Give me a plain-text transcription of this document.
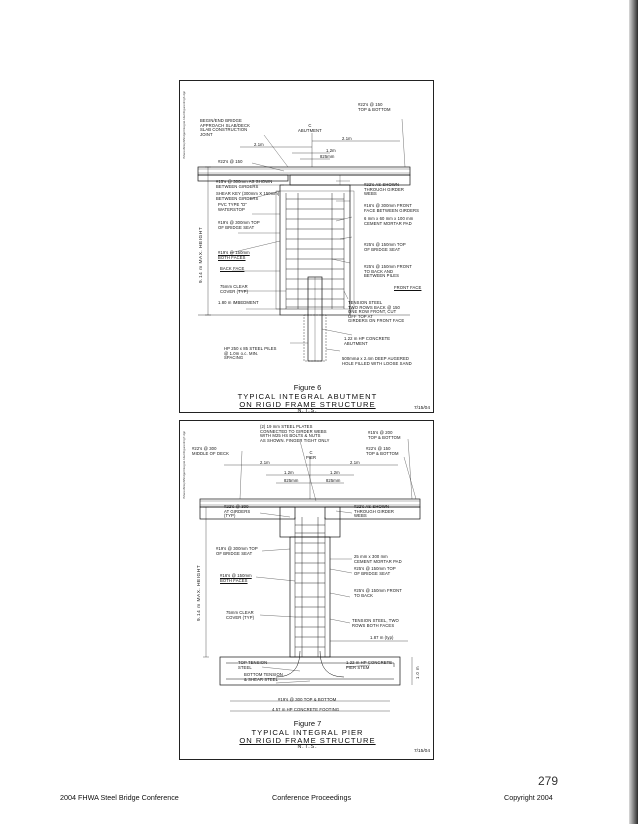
\Shared\Dept\Bridge\Integral Abut\Figures\Fig6.dgn	#22's @ 150
TOP & BOTTOM
BEGIN/END BRIDGE
APPROACH SLAB/DECK
SLAB CONSTRUCTION
JOINT
C
ABUTMENT
2.1m
2.1m
1.2m
825mm
#22's @ 150
#15's @ 300mm AS SHOWN
BETWEEN GIRDERS
SHEAR KEY (300mm X 150mm)
BETWEEN GIRDERS
PVC TYPE "D"
WATERSTOP
#19's @ 300mm TOP
OF BRIDGE SEAT
#19's @ 150mm
BOTH FACES
BACK FACE
75mm CLEAR
COVER (TYP)
1.80 m IMBEDMENT
9.14 m MAX. HEIGHT
#22's AS SHOWN
THROUGH GIRDER
WEBS
#16's @ 300mm FRONT
FACE BETWEEN GIRDERS
6 mm x 60 mm x 100 mm
CEMENT MORTAR PAD
#25's @ 150mm TOP
OF BRIDGE SEAT
#25's @ 150mm FRONT
TO BACK AND
BETWEEN PILES
FRONT FACE
TENSION STEEL
TWO ROWS BACK @ 150
ONE ROW FRONT, CUT
OFF TOP AT
GIRDERS ON FRONT FACE
1.22 m HP CONCRETE
ABUTMENT
HP 250 x 85 STEEL PILES
@ 1.0m o.c. MIN.
SPACING	500mmø x 2.4m DEEP AUGERED
HOLE FILLED WITH LOOSE SAND
Figure 6
TYPICAL INTEGRAL ABUTMENT
ON RIGID FRAME STRUCTURE
N.T.S.	7/15/04
\Shared\Dept\Bridge\Integral Abut\Figures\Fig7.dgn
(2) 19 mm STEEL PLATES
CONNECTED TO GIRDER WEBS
WITH M25 HS BOLTS & NUTS
AS SHOWN. FINGER TIGHT ONLY
#15's @ 200
TOP & BOTTOM
#22's @ 300
MIDDLE OF DECK	C
PIER
#22's @ 150
TOP & BOTTOM
2.1m	2.1m
1.2m	1.2m
825mm	825mm
#22's @ 300
AT GIRDERS
(TYP)
#22's AS SHOWN
THROUGH GIRDER
WEBS
#19's @ 300mm TOP
OF BRIDGE SEAT
25 mm x 300 mm
CEMENT MORTAR PAD
#25's @ 150mm TOP
OF BRIDGE SEAT
#16's @ 150mm
BOTH FACES
#25's @ 150mm FRONT
TO BACK
75mm CLEAR
COVER (TYP)
TENSION STEEL, TWO
ROWS BOTH FACES
1.87 m (typ)
9.14 m MAX. HEIGHT
TOP TENSION
STEEL
BOTTOM TENSION
& SHEAR STEEL
1.22 m HP CONCRETE
PIER STEM	1.0 m
#19's @ 300 TOP & BOTTOM
4.57 m HP CONCRETE FOOTING
Figure 7
TYPICAL INTEGRAL PIER
ON RIGID FRAME STRUCTURE
N.T.S.
7/15/04
279
2004 FHWA Steel Bridge Conference	Conference Proceedings	Copyright 2004
